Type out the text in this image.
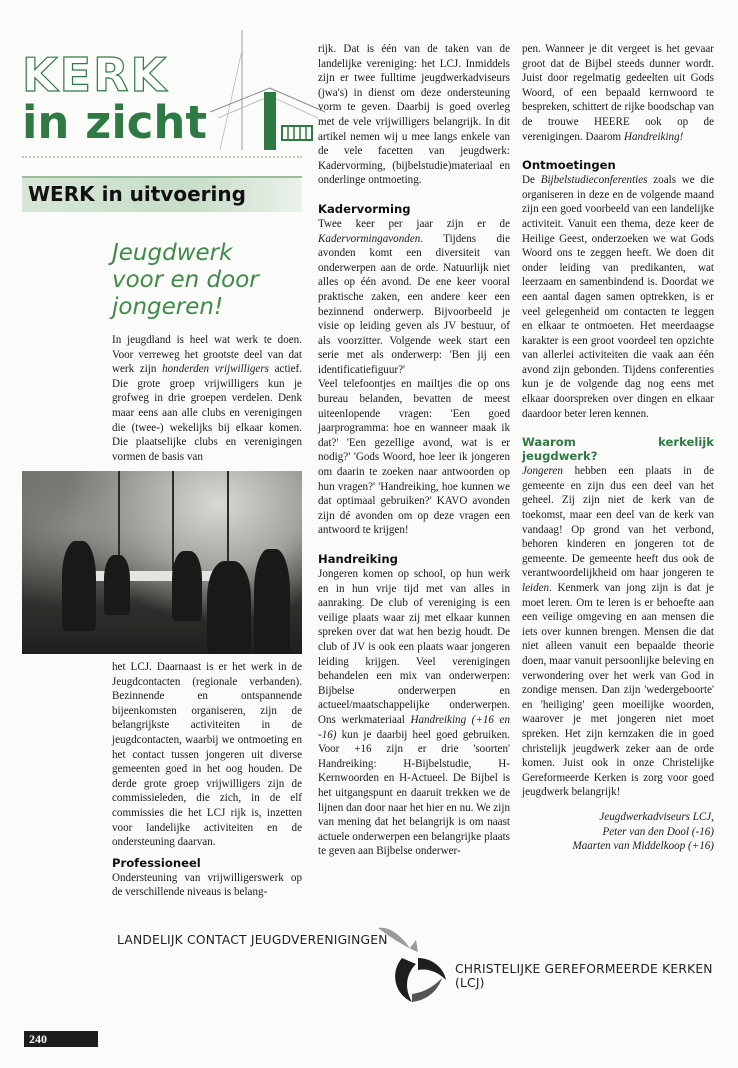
KERK
in zicht
WERK in uitvoering
Jeugdwerk
voor en door
jongeren!

In jeugdland is heel wat werk te doen. Voor verreweg het grootste deel van dat werk zijn honderden vrijwilligers actief. Die grote groep vrijwilligers kun je grofweg in drie groepen verdelen. Denk maar eens aan alle clubs en verenigingen die (twee-) wekelijks bij elkaar komen. Die plaatselijke clubs en verenigingen vormen de basis van

het LCJ. Daarnaast is er het werk in de Jeugdcontacten (regionale verbanden). Bezinnende en ontspannende bijeenkomsten organiseren, zijn de belangrijkste activiteiten in de jeugdcontacten, waarbij we ontmoeting en het contact tussen jongeren uit diverse gemeenten goed in het oog houden. De derde grote groep vrijwilligers zijn de commissieleden, die zich, in de elf commissies die het LCJ rijk is, inzetten voor landelijke activiteiten en de ondersteuning daarvan.

Professioneel

Ondersteuning van vrijwilligerswerk op de verschillende niveaus is belang-

rijk. Dat is één van de taken van de landelijke vereniging: het LCJ. Inmiddels zijn er twee fulltime jeugdwerkadviseurs (jwa's) in dienst om deze ondersteuning vorm te geven. Daarbij is goed overleg met de vele vrijwilligers belangrijk. In dit artikel nemen wij u mee langs enkele van de vele facetten van jeugdwerk: Kadervorming, (bijbelstudie)materiaal en onderlinge ontmoeting.

Kadervorming

Twee keer per jaar zijn er de Kadervormingavonden. Tijdens die avonden komt een diversiteit van onderwerpen aan de orde. Natuurlijk niet alles op één avond. De ene keer vooral praktische zaken, een andere keer een bezinnend onderwerp. Bijvoorbeeld je visie op leiding geven als JV bestuur, of als voorzitter. Volgende week start een serie met als onderwerp: 'Ben jij een identificatiefiguur?'

Veel telefoontjes en mailtjes die op ons bureau belanden, bevatten de meest uiteenlopende vragen: 'Een goed jaarprogramma: hoe en wanneer maak ik dat?' 'Een gezellige avond, wat is er nodig?' 'Gods Woord, hoe leer ik jongeren om daarin te zoeken naar antwoorden op hun vragen?' 'Handreiking, hoe kunnen we dat optimaal gebruiken?' KAVO avonden zijn dé avonden om op deze vragen een antwoord te krijgen!

Handreiking

Jongeren komen op school, op hun werk en in hun vrije tijd met van alles in aanraking. De club of vereniging is een veilige plaats waar zij met elkaar kunnen spreken over dat wat hen bezig houdt. De club of JV is ook een plaats waar jongeren leiding krijgen. Veel verenigingen behandelen een mix van onderwerpen: Bijbelse onderwerpen en actueel/maatschappelijke onderwerpen. Ons werkmateriaal Handreiking (+16 en -16) kun je daarbij heel goed gebruiken. Voor +16 zijn er drie 'soorten' Handreiking: H-Bijbelstudie, H-Kernwoorden en H-Actueel. De Bijbel is het uitgangspunt en daaruit trekken we de lijnen dan door naar het hier en nu. We zijn van mening dat het belangrijk is om naast actuele onderwerpen een belangrijke plaats te geven aan Bijbelse onderwer-

pen. Wanneer je dit vergeet is het gevaar groot dat de Bijbel steeds dunner wordt. Juist door regelmatig gedeelten uit Gods Woord, of een bepaald kernwoord te bespreken, schittert de rijke boodschap van de trouwe HEERE ook op de verenigingen. Daarom Handreiking!

Ontmoetingen

De Bijbelstudieconferenties zoals we die organiseren in deze en de volgende maand zijn een goed voorbeeld van een landelijke activiteit. Vanuit een thema, deze keer de Heilige Geest, onderzoeken we wat Gods Woord ons te zeggen heeft. We doen dit onder leiding van predikanten, wat leerzaam en samenbindend is. Doordat we een aantal dagen samen optrekken, is er veel gelegenheid om contacten te leggen en elkaar te ontmoeten. Het meerdaagse karakter is een groot voordeel ten opzichte van allerlei activiteiten die vaak aan één avond zijn gebonden. Tijdens conferenties kun je de volgende dag nog eens met elkaar doorspreken over dingen en elkaar daardoor beter leren kennen.

Waarom kerkelijk jeugdwerk?

Jongeren hebben een plaats in de gemeente en zijn dus een deel van het geheel. Zij zijn niet de kerk van de toekomst, maar een deel van de kerk van vandaag! Op grond van het verbond, behoren kinderen en jongeren tot de gemeente. De gemeente heeft dus ook de verantwoordelijkheid om haar jongeren te leiden. Kenmerk van jong zijn is dat je moet leren. Om te leren is er behoefte aan een veilige omgeving en aan mensen die iets over kunnen brengen. Mensen die dat niet alleen vanuit een bepaalde theorie doen, maar vanuit persoonlijke beleving en verwondering over het werk van God in zondige mensen. Dan zijn 'wedergeboorte' en 'heiliging' geen moeilijke woorden, waarover je met jongeren niet moet spreken. Het zijn kernzaken die in goed christelijk jeugdwerk zeker aan de orde komen. Juist ook in onze Christelijke Gereformeerde Kerken is zorg voor goed jeugdwerk belangrijk!

Jeugdwerkadviseurs LCJ,
Peter van den Dool (-16)
Maarten van Middelkoop (+16)
LANDELIJK CONTACT JEUGDVERENIGINGEN
CHRISTELIJKE GEREFORMEERDE KERKEN (LCJ)
240
